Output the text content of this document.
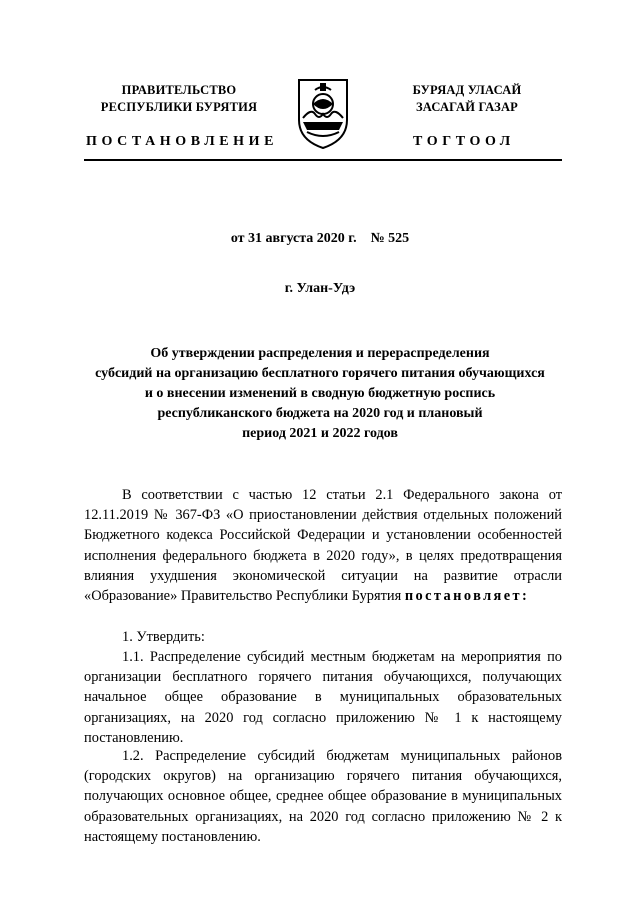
ПРАВИТЕЛЬСТВО
РЕСПУБЛИКИ БУРЯТИЯ
БУРЯАД УЛАСАЙ
ЗАСАГАЙ ГАЗАР
ПОСТАНОВЛЕНИЕ	ТОГТООЛ
от 31 августа 2020 г.    № 525
г. Улан-Удэ
Об утверждении распределения и перераспределения
субсидий на организацию бесплатного горячего питания обучающихся
и о внесении изменений в сводную бюджетную роспись
республиканского бюджета на 2020 год и плановый
период 2021 и 2022 годов

В соответствии с частью 12 статьи 2.1 Федерального закона от 12.11.2019 № 367-ФЗ «О приостановлении действия отдельных положений Бюджетного кодекса Российской Федерации и установлении особенностей исполнения федерального бюджета в 2020 году», в целях предотвращения влияния ухудшения экономической ситуации на развитие отрасли «Образование» Правительство Республики Бурятия постановляет:

1. Утвердить:

1.1. Распределение субсидий местным бюджетам на мероприятия по организации бесплатного горячего питания обучающихся, получающих начальное общее образование в муниципальных образовательных организациях, на 2020 год согласно приложению № 1 к настоящему постановлению.

1.2. Распределение субсидий бюджетам муниципальных районов (городских округов) на организацию горячего питания обучающихся, получающих основное общее, среднее общее образование в муниципальных образовательных организациях, на 2020 год согласно приложению № 2 к настоящему постановлению.
